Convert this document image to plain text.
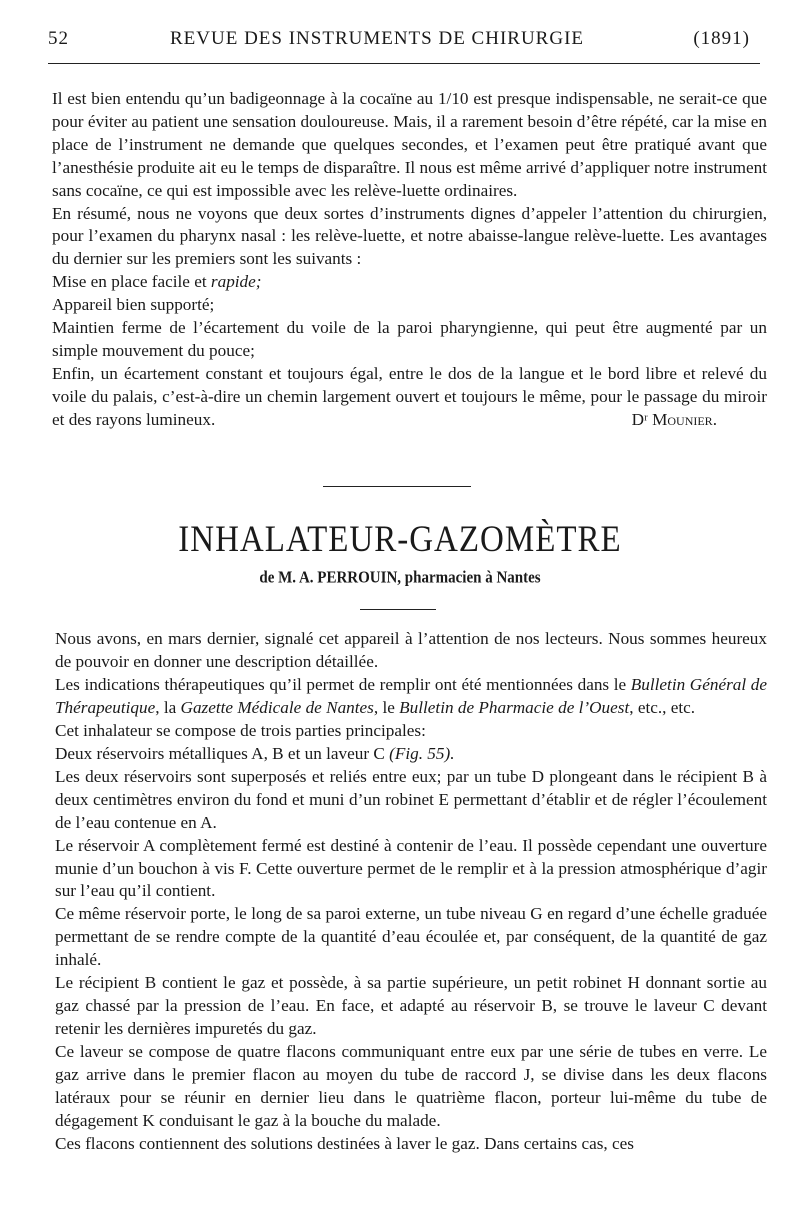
52	REVUE DES INSTRUMENTS DE CHIRURGIE	(1891)

Il est bien entendu qu’un badigeonnage à la cocaïne au 1/10 est presque indispensable, ne serait-ce que pour éviter au patient une sensation douloureuse. Mais, il a rarement besoin d’être répété, car la mise en place de l’instrument ne demande que quelques secondes, et l’examen peut être pratiqué avant que l’anesthésie produite ait eu le temps de disparaître. Il nous est même arrivé d’appliquer notre instrument sans cocaïne, ce qui est impossible avec les relève-luette ordinaires.

En résumé, nous ne voyons que deux sortes d’instruments dignes d’appeler l’attention du chirurgien, pour l’examen du pharynx nasal : les relève-luette, et notre abaisse-langue relève-luette. Les avantages du dernier sur les premiers sont les suivants :

Mise en place facile et rapide;

Appareil bien supporté;

Maintien ferme de l’écartement du voile de la paroi pharyngienne, qui peut être augmenté par un simple mouvement du pouce;

Enfin, un écartement constant et toujours égal, entre le dos de la langue et le bord libre et relevé du voile du palais, c’est-à-dire un chemin largement ouvert et toujours le même, pour le passage du miroir et des rayons lumineux.	Dʳ Mounier.

INHALATEUR-GAZOMÈTRE
de M. A. PERROUIN, pharmacien à Nantes

Nous avons, en mars dernier, signalé cet appareil à l’attention de nos lecteurs. Nous sommes heureux de pouvoir en donner une description détaillée.

Les indications thérapeutiques qu’il permet de remplir ont été mentionnées dans le Bulletin Général de Thérapeutique, la Gazette Médicale de Nantes, le Bulletin de Pharmacie de l’Ouest, etc., etc.

Cet inhalateur se compose de trois parties principales:

Deux réservoirs métalliques A, B et un laveur C (Fig. 55).

Les deux réservoirs sont superposés et reliés entre eux; par un tube D plongeant dans le récipient B à deux centimètres environ du fond et muni d’un robinet E permettant d’établir et de régler l’écoulement de l’eau contenue en A.

Le réservoir A complètement fermé est destiné à contenir de l’eau. Il possède cependant une ouverture munie d’un bouchon à vis F. Cette ouverture permet de le remplir et à la pression atmosphérique d’agir sur l’eau qu’il contient.

Ce même réservoir porte, le long de sa paroi externe, un tube niveau G en regard d’une échelle graduée permettant de se rendre compte de la quantité d’eau écoulée et, par conséquent, de la quantité de gaz inhalé.

Le récipient B contient le gaz et possède, à sa partie supérieure, un petit robinet H donnant sortie au gaz chassé par la pression de l’eau. En face, et adapté au réservoir B, se trouve le laveur C devant retenir les dernières impuretés du gaz.

Ce laveur se compose de quatre flacons communiquant entre eux par une série de tubes en verre. Le gaz arrive dans le premier flacon au moyen du tube de raccord J, se divise dans les deux flacons latéraux pour se réunir en dernier lieu dans le quatrième flacon, porteur lui-même du tube de dégagement K conduisant le gaz à la bouche du malade.

Ces flacons contiennent des solutions destinées à laver le gaz. Dans certains cas, ces
